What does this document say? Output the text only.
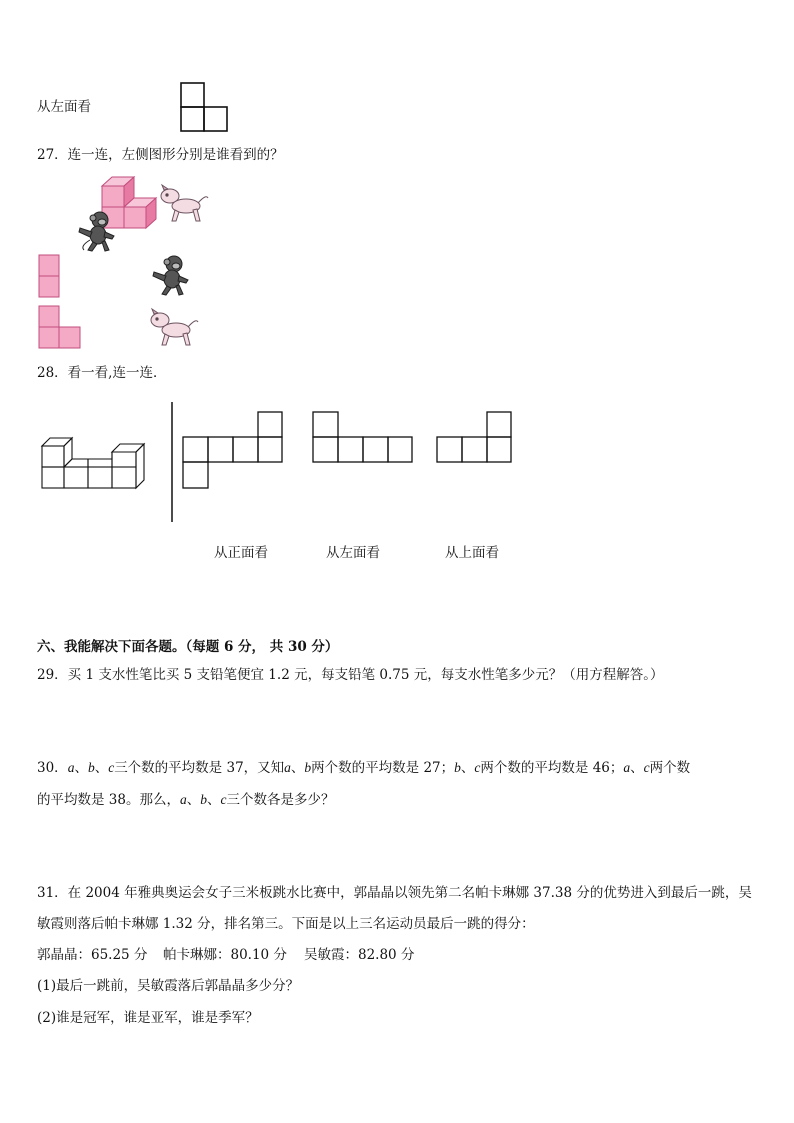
从左面看
27．连一连，左侧图形分别是谁看到的？
28．看一看,连一连．
从正面看	从左面看	从上面看
六、我能解决下面各题。（每题 6 分， 共 30 分）
29．买 1 支水性笔比买 5 支铅笔便宜 1.2 元，每支铅笔 0.75 元，每支水性笔多少元？（用方程解答。）
30．a、b、c三个数的平均数是 37，又知a、b两个数的平均数是 27；b、c两个数的平均数是 46；a、c两个数
的平均数是 38。那么，a、b、c三个数各是多少？
31．在 2004 年雅典奥运会女子三米板跳水比赛中，郭晶晶以领先第二名帕卡琳娜 37.38 分的优势进入到最后一跳，吴
敏霞则落后帕卡琳娜 1.32 分，排名第三。下面是以上三名运动员最后一跳的得分：
郭晶晶：65.25 分 帕卡琳娜：80.10 分 吴敏霞：82.80 分
(1)最后一跳前，吴敏霞落后郭晶晶多少分？
(2)谁是冠军，谁是亚军，谁是季军？
